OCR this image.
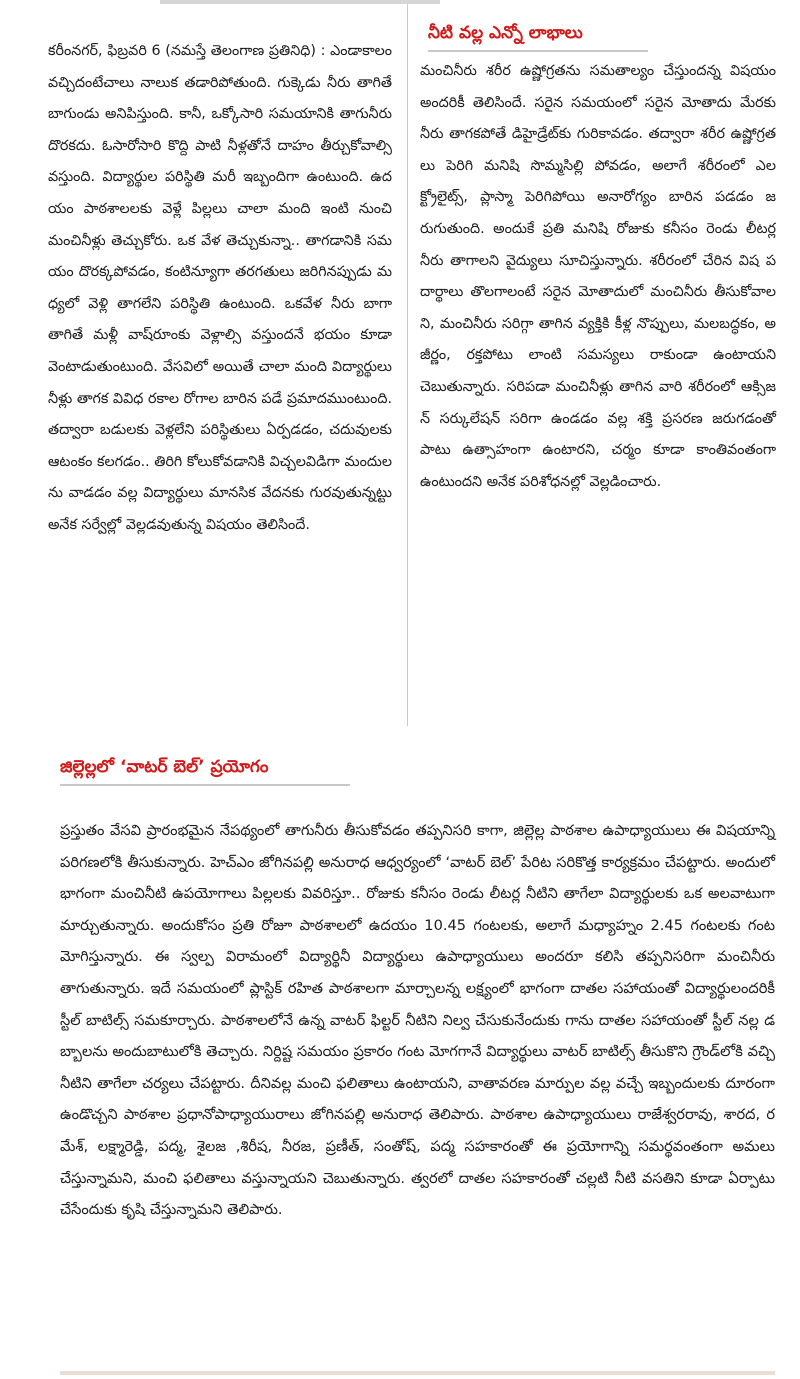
కరీంనగర్, ఫిబ్రవరి 6 (నమస్తే తెలంగాణ ప్రతినిధి) : ఎండాకాలం వచ్చిదంటేచాలు నాలుక తడారిపోతుంది. గుక్కెడు నీరు తాగితే బాగుండు అనిపిస్తుంది. కానీ, ఒక్కోసారి సమయానికి తాగునీరు దొరకదు. ఓసారోసారి కొద్ది పాటి నీళ్లతోనే దాహం తీర్చుకోవాల్సి వస్తుంది. విద్యార్థుల పరిస్థితి మరీ ఇబ్బందిగా ఉంటుంది. ఉదయం పాఠశాలలకు వెళ్లే పిల్లలు చాలా మంది ఇంటి నుంచి మంచినీళ్లు తెచ్చుకోరు. ఒక వేళ తెచ్చుకున్నా.. తాగడానికి సమయం దొరక్కపోవడం, కంటిన్యూగా తరగతులు జరిగినప్పుడు మధ్యలో వెళ్లి తాగలేని పరిస్థితి ఉంటుంది. ఒకవేళ నీరు బాగా తాగితే మళ్లీ వాష్‌రూంకు వెళ్లాల్సి వస్తుందనే భయం కూడా వెంటాడుతుంటుంది. వేసవిలో అయితే చాలా మంది విద్యార్థులు నీళ్లు తాగక వివిధ రకాల రోగాల బారిన పడే ప్రమాదముంటుంది. తద్వారా బడులకు వెళ్లలేని పరిస్థితులు ఏర్పడడం, చదువులకు ఆటంకం కలగడం.. తిరిగి కోలుకోవడానికి విచ్చలవిడిగా మందులను వాడడం వల్ల విద్యార్థులు మానసిక వేదనకు గురవుతున్నట్టు అనేక సర్వేల్లో వెల్లడవుతున్న విషయం తెలిసిందే.

నీటి వల్ల ఎన్నో లాభాలు

మంచినీరు శరీర ఉష్ణోగ్రతను సమతాల్యం చేస్తుందన్న విషయం అందరికీ తెలిసిందే. సరైన సమయంలో సరైన మోతాదు మేరకు నీరు తాగకపోతే డిహైడ్రేట్‌కు గురికావడం. తద్వారా శరీర ఉష్ణోగ్రతలు పెరిగి మనిషి సొమ్మసిల్లి పోవడం, అలాగే శరీరంలో ఎలక్ట్రోలైట్స్, ప్లాస్మా పెరిగిపోయి అనారోగ్యం బారిన పడడం జరుగుతుంది. అందుకే ప్రతి మనిషి రోజుకు కనీసం రెండు లీటర్ల నీరు తాగాలని వైద్యులు సూచిస్తున్నారు. శరీరంలో చేరిన విష పదార్థాలు తొలగాలంటే సరైన మోతాదులో మంచినీరు తీసుకోవాలని, మంచినీరు సరిగ్గా తాగిన వ్యక్తికి కీళ్ల నొప్పులు, మలబద్ధకం, అజీర్ణం, రక్తపోటు లాంటి సమస్యలు రాకుండా ఉంటాయని చెబుతున్నారు. సరిపడా మంచినీళ్లు తాగిన వారి శరీరంలో ఆక్సిజన్ సర్కులేషన్ సరిగా ఉండడం వల్ల శక్తి ప్రసరణ జరుగడంతో పాటు ఉత్సాహంగా ఉంటారని, చర్మం కూడా కాంతివంతంగా ఉంటుందని అనేక పరిశోధనల్లో వెల్లడించారు.

జిల్లెల్లలో ‘వాటర్ బెల్’ ప్రయోగం

ప్రస్తుతం వేసవి ప్రారంభమైన నేపథ్యంలో తాగునీరు తీసుకోవడం తప్పనిసరి కాగా, జిల్లెల్ల పాఠశాల ఉపాధ్యాయులు ఈ విషయాన్ని పరిగణలోకి తీసుకున్నారు. హెచ్‌ఎం జోగినపల్లి అనురాధ ఆధ్వర్యంలో ‘వాటర్ బెల్’ పేరిట సరికొత్త కార్యక్రమం చేపట్టారు. అందులో భాగంగా మంచినీటి ఉపయోగాలు పిల్లలకు వివరిస్తూ.. రోజుకు కనీసం రెండు లీటర్ల నీటిని తాగేలా విద్యార్థులకు ఒక అలవాటుగా మార్చుతున్నారు. అందుకోసం ప్రతి రోజూ పాఠశాలలో ఉదయం 10.45 గంటలకు, అలాగే మధ్యాహ్నం 2.45 గంటలకు గంట మోగిస్తున్నారు. ఈ స్వల్ప విరామంలో విద్యార్థినీ విద్యార్థులు ఉపాధ్యాయులు అందరూ కలిసి తప్పనిసరిగా మంచినీరు తాగుతున్నారు. ఇదే సమయంలో ప్లాస్టిక్ రహిత పాఠశాలగా మార్చాలన్న లక్ష్యంలో భాగంగా దాతల సహాయంతో విద్యార్థులందరికీ స్టీల్ బాటిల్స్ సమకూర్చారు. పాఠశాలలోనే ఉన్న వాటర్ ఫిల్టర్ నీటిని నిల్వ చేసుకునేందుకు గాను దాతల సహాయంతో స్టీల్ నల్ల డబ్బాలను అందుబాటులోకి తెచ్చారు. నిర్దిష్ట సమయం ప్రకారం గంట మోగగానే విద్యార్థులు వాటర్ బాటిల్స్ తీసుకొని గ్రౌండ్‌లోకి వచ్చి నీటిని తాగేలా చర్యలు చేపట్టారు. దీనివల్ల మంచి ఫలితాలు ఉంటాయని, వాతావరణ మార్పుల వల్ల వచ్చే ఇబ్బందులకు దూరంగా ఉండొచ్చని పాఠశాల ప్రధానోపాధ్యాయురాలు జోగినపల్లి అనురాధ తెలిపారు. పాఠశాల ఉపాధ్యాయులు రాజేశ్వరరావు, శారద, రమేశ్, లక్ష్మారెడ్డి, పద్మ, శైలజ ,శిరీష, నీరజ, ప్రణీత్, సంతోష్, పద్మ సహకారంతో ఈ ప్రయోగాన్ని సమర్థవంతంగా అమలు చేస్తున్నామని, మంచి ఫలితాలు వస్తున్నాయని చెబుతున్నారు. త్వరలో దాతల సహకారంతో చల్లటి నీటి వసతిని కూడా ఏర్పాటు చేసేందుకు కృషి చేస్తున్నామని తెలిపారు.
